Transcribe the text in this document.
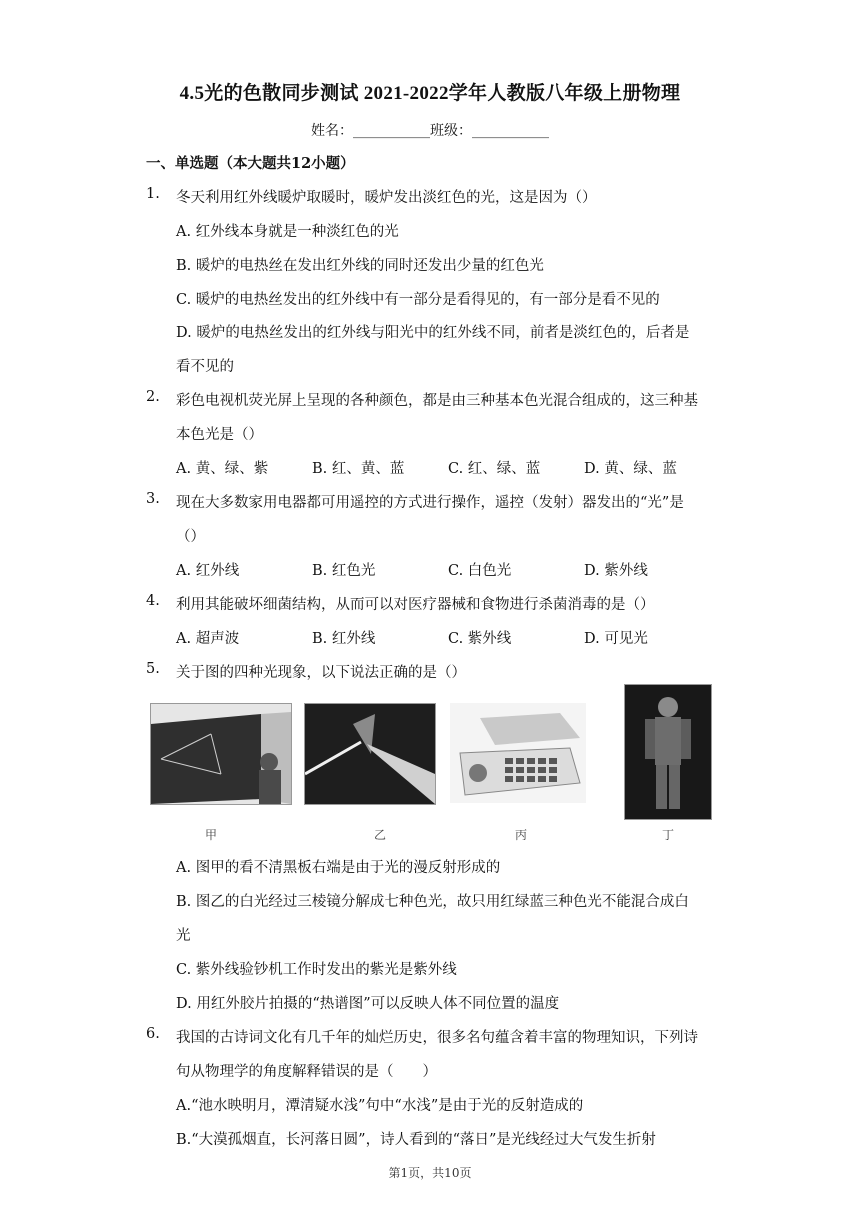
4.5光的色散同步测试 2021-2022学年人教版八年级上册物理
姓名：___________班级：___________
一、单选题（本大题共12小题）
1. 冬天利用红外线暖炉取暖时，暖炉发出淡红色的光，这是因为（）
A. 红外线本身就是一种淡红色的光
B. 暖炉的电热丝在发出红外线的同时还发出少量的红色光
C. 暖炉的电热丝发出的红外线中有一部分是看得见的，有一部分是看不见的
D. 暖炉的电热丝发出的红外线与阳光中的红外线不同，前者是淡红色的，后者是
看不见的
2. 彩色电视机荧光屏上呈现的各种颜色，都是由三种基本色光混合组成的，这三种基
本色光是（）
A. 黄、绿、紫	B. 红、黄、蓝	C. 红、绿、蓝	D. 黄、绿、蓝
3. 现在大多数家用电器都可用遥控的方式进行操作，遥控（发射）器发出的“光”是
（）
A. 红外线	B. 红色光	C. 白色光	D. 紫外线
4. 利用其能破坏细菌结构，从而可以对医疗器械和食物进行杀菌消毒的是（）
A. 超声波	B. 红外线	C. 紫外线	D. 可见光
5. 关于图的四种光现象，以下说法正确的是（）
甲	乙	丙	丁
A. 图甲的看不清黑板右端是由于光的漫反射形成的
B. 图乙的白光经过三棱镜分解成七种色光，故只用红绿蓝三种色光不能混合成白
光
C. 紫外线验钞机工作时发出的紫光是紫外线
D. 用红外胶片拍摄的“热谱图”可以反映人体不同位置的温度
6. 我国的古诗词文化有几千年的灿烂历史，很多名句蕴含着丰富的物理知识，下列诗
句从物理学的角度解释错误的是（　　）
A.“池水映明月，潭清疑水浅”句中“水浅”是由于光的反射造成的
B.“大漠孤烟直，长河落日圆”，诗人看到的“落日”是光线经过大气发生折射
第1页，共10页
